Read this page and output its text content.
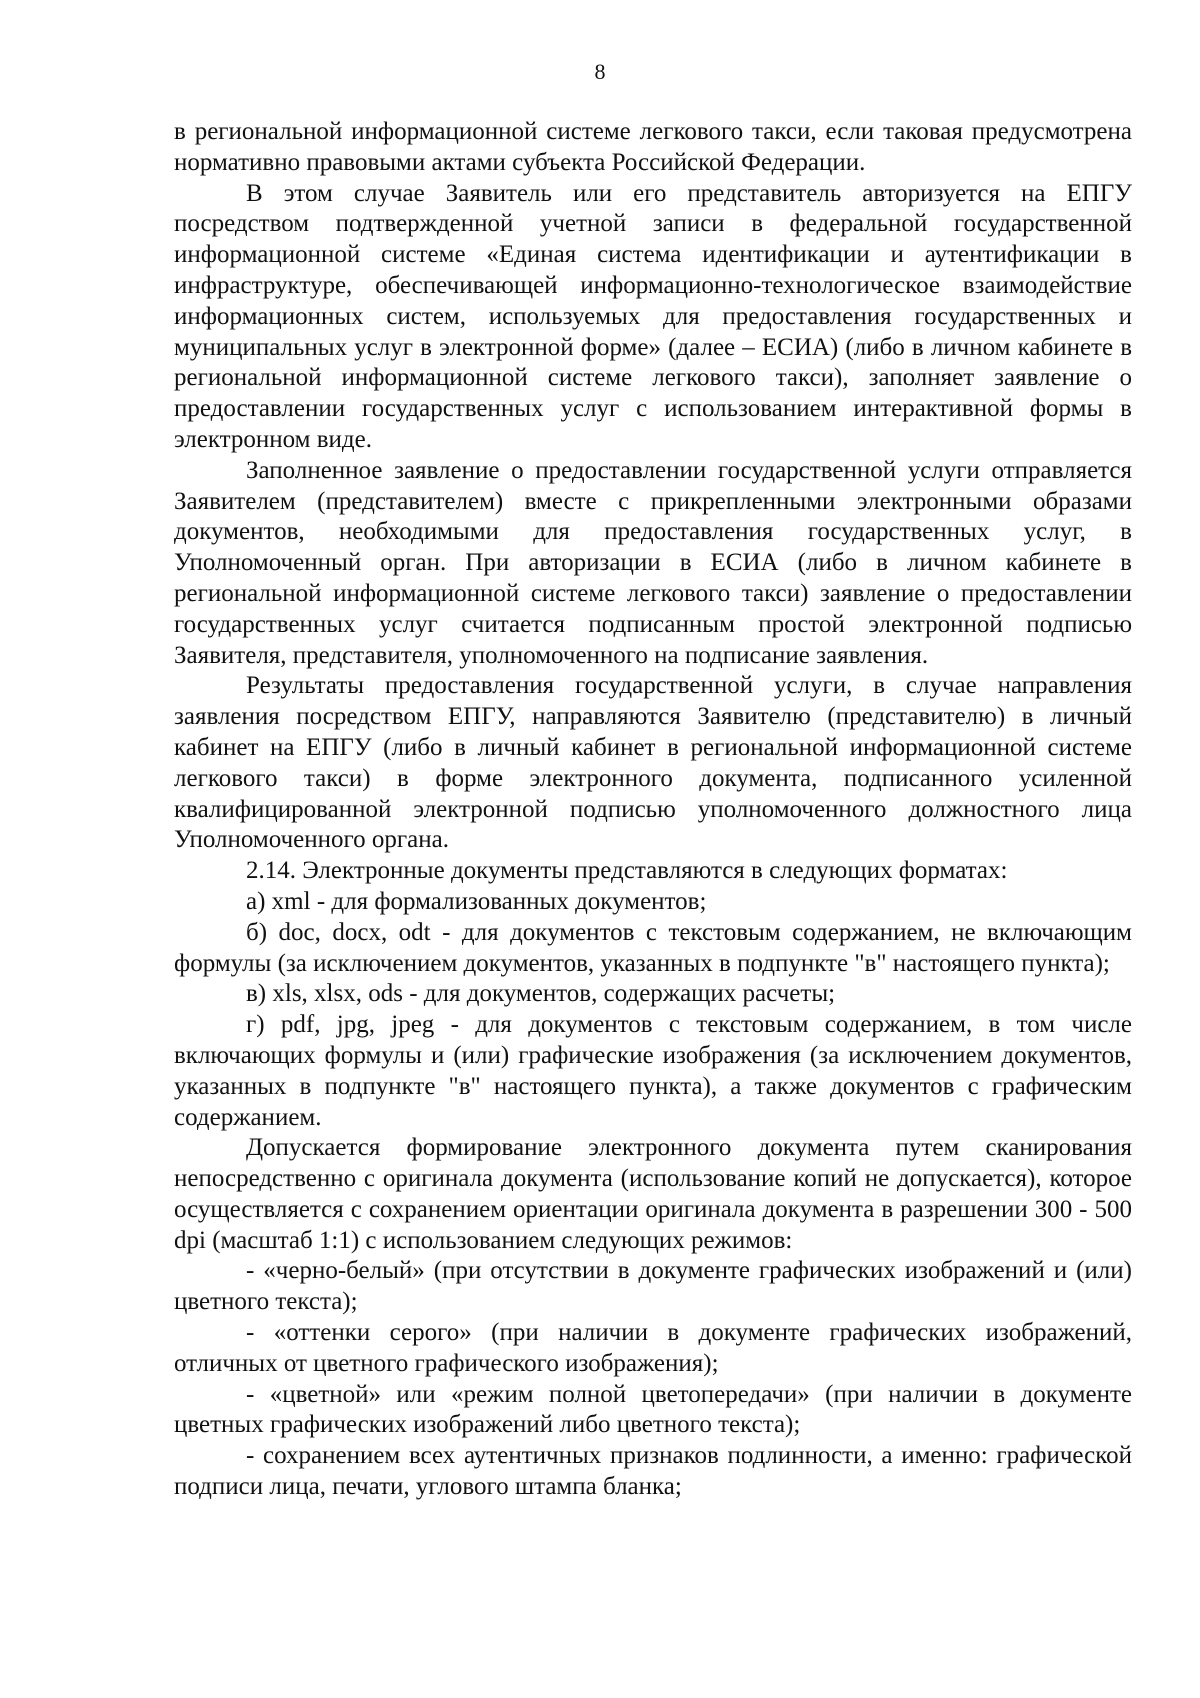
8

в региональной информационной системе легкового такси, если таковая предусмотрена нормативно правовыми актами субъекта Российской Федерации.

В этом случае Заявитель или его представитель авторизуется на ЕПГУ посредством подтвержденной учетной записи в федеральной государственной информационной системе «Единая система идентификации и аутентификации в инфраструктуре, обеспечивающей информационно-технологическое взаимодействие информационных систем, используемых для предоставления государственных и муниципальных услуг в электронной форме» (далее – ЕСИА) (либо в личном кабинете в региональной информационной системе легкового такси), заполняет заявление о предоставлении государственных услуг с использованием интерактивной формы в электронном виде.

Заполненное заявление о предоставлении государственной услуги отправляется Заявителем (представителем) вместе с прикрепленными электронными образами документов, необходимыми для предоставления государственных услуг, в Уполномоченный орган. При авторизации в ЕСИА (либо в личном кабинете в региональной информационной системе легкового такси) заявление о предоставлении государственных услуг считается подписанным простой электронной подписью Заявителя, представителя, уполномоченного на подписание заявления.

Результаты предоставления государственной услуги, в случае направления заявления посредством ЕПГУ, направляются Заявителю (представителю) в личный кабинет на ЕПГУ (либо в личный кабинет в региональной информационной системе легкового такси) в форме электронного документа, подписанного усиленной квалифицированной электронной подписью уполномоченного должностного лица Уполномоченного органа.

2.14. Электронные документы представляются в следующих форматах:

а) xml - для формализованных документов;

б) doc, docx, odt - для документов с текстовым содержанием, не включающим формулы (за исключением документов, указанных в подпункте "в" настоящего пункта);

в) xls, xlsx, ods - для документов, содержащих расчеты;

г) pdf, jpg, jpeg - для документов с текстовым содержанием, в том числе включающих формулы и (или) графические изображения (за исключением документов, указанных в подпункте "в" настоящего пункта), а также документов с графическим содержанием.

Допускается формирование электронного документа путем сканирования непосредственно с оригинала документа (использование копий не допускается), которое осуществляется с сохранением ориентации оригинала документа в разрешении 300 - 500 dpi (масштаб 1:1) с использованием следующих режимов:

- «черно-белый» (при отсутствии в документе графических изображений и (или) цветного текста);

- «оттенки серого» (при наличии в документе графических изображений, отличных от цветного графического изображения);

- «цветной» или «режим полной цветопередачи» (при наличии в документе цветных графических изображений либо цветного текста);

- сохранением всех аутентичных признаков подлинности, а именно: графической подписи лица, печати, углового штампа бланка;
